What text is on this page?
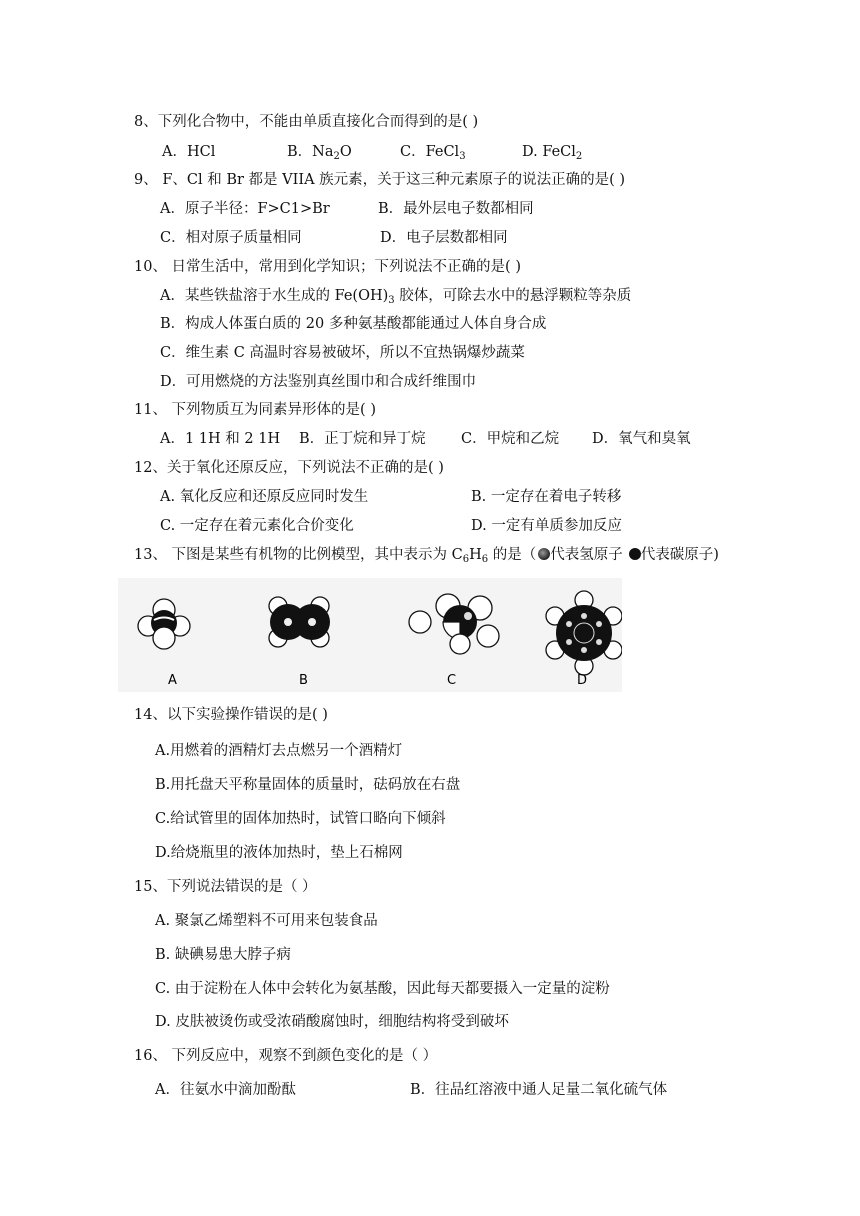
8、下列化合物中，不能由单质直接化合而得到的是( )
A．HCl	B．$Na_2O$	C．FeCl$_3$	D. FeCl$_2$
9、 F、Cl 和 Br 都是 VIIA 族元素，关于这三种元素原子的说法正确的是( )
A．原子半径：F>C1>Br	B．最外层电子数都相同
C．相对原子质量相同	D．电子层数都相同
10、 日常生活中，常用到化学知识；下列说法不正确的是( )
A．某些铁盐溶于水生成的 $Fe(OH)_3$ 胶体，可除去水中的悬浮颗粒等杂质
B．构成人体蛋白质的 20 多种氨基酸都能通过人体自身合成
C．维生素 C 高温时容易被破坏，所以不宜热锅爆炒蔬菜
D．可用燃烧的方法鉴别真丝围巾和合成纤维围巾
11、 下列物质互为同素异形体的是( )
A．1 1H 和 2 1H B．正丁烷和异丁烷 C．甲烷和乙烷 D．氧气和臭氧
12、关于氧化还原反应，下列说法不正确的是( )
A. 氧化反应和还原反应同时发生	B. 一定存在着电子转移
C. 一定存在着元素化合价变化	D. 一定有单质参加反应
13、 下图是某些有机物的比例模型，其中表示为 $C_6H_6$ 的是（ 代表氢原子 代表碳原子)
A	B	C	D
14、以下实验操作错误的是( )
A.用燃着的酒精灯去点燃另一个酒精灯
B.用托盘天平称量固体的质量时，砝码放在右盘
C.给试管里的固体加热时，试管口略向下倾斜
D.给烧瓶里的液体加热时，垫上石棉网
15、下列说法错误的是（ ）
A. 聚氯乙烯塑料不可用来包装食品
B. 缺碘易患大脖子病
C. 由于淀粉在人体中会转化为氨基酸，因此每天都要摄入一定量的淀粉
D. 皮肤被烫伤或受浓硝酸腐蚀时，细胞结构将受到破坏
16、 下列反应中，观察不到颜色变化的是（ ）
A．往氨水中滴加酚酞	B．往品红溶液中通人足量二氧化硫气体
